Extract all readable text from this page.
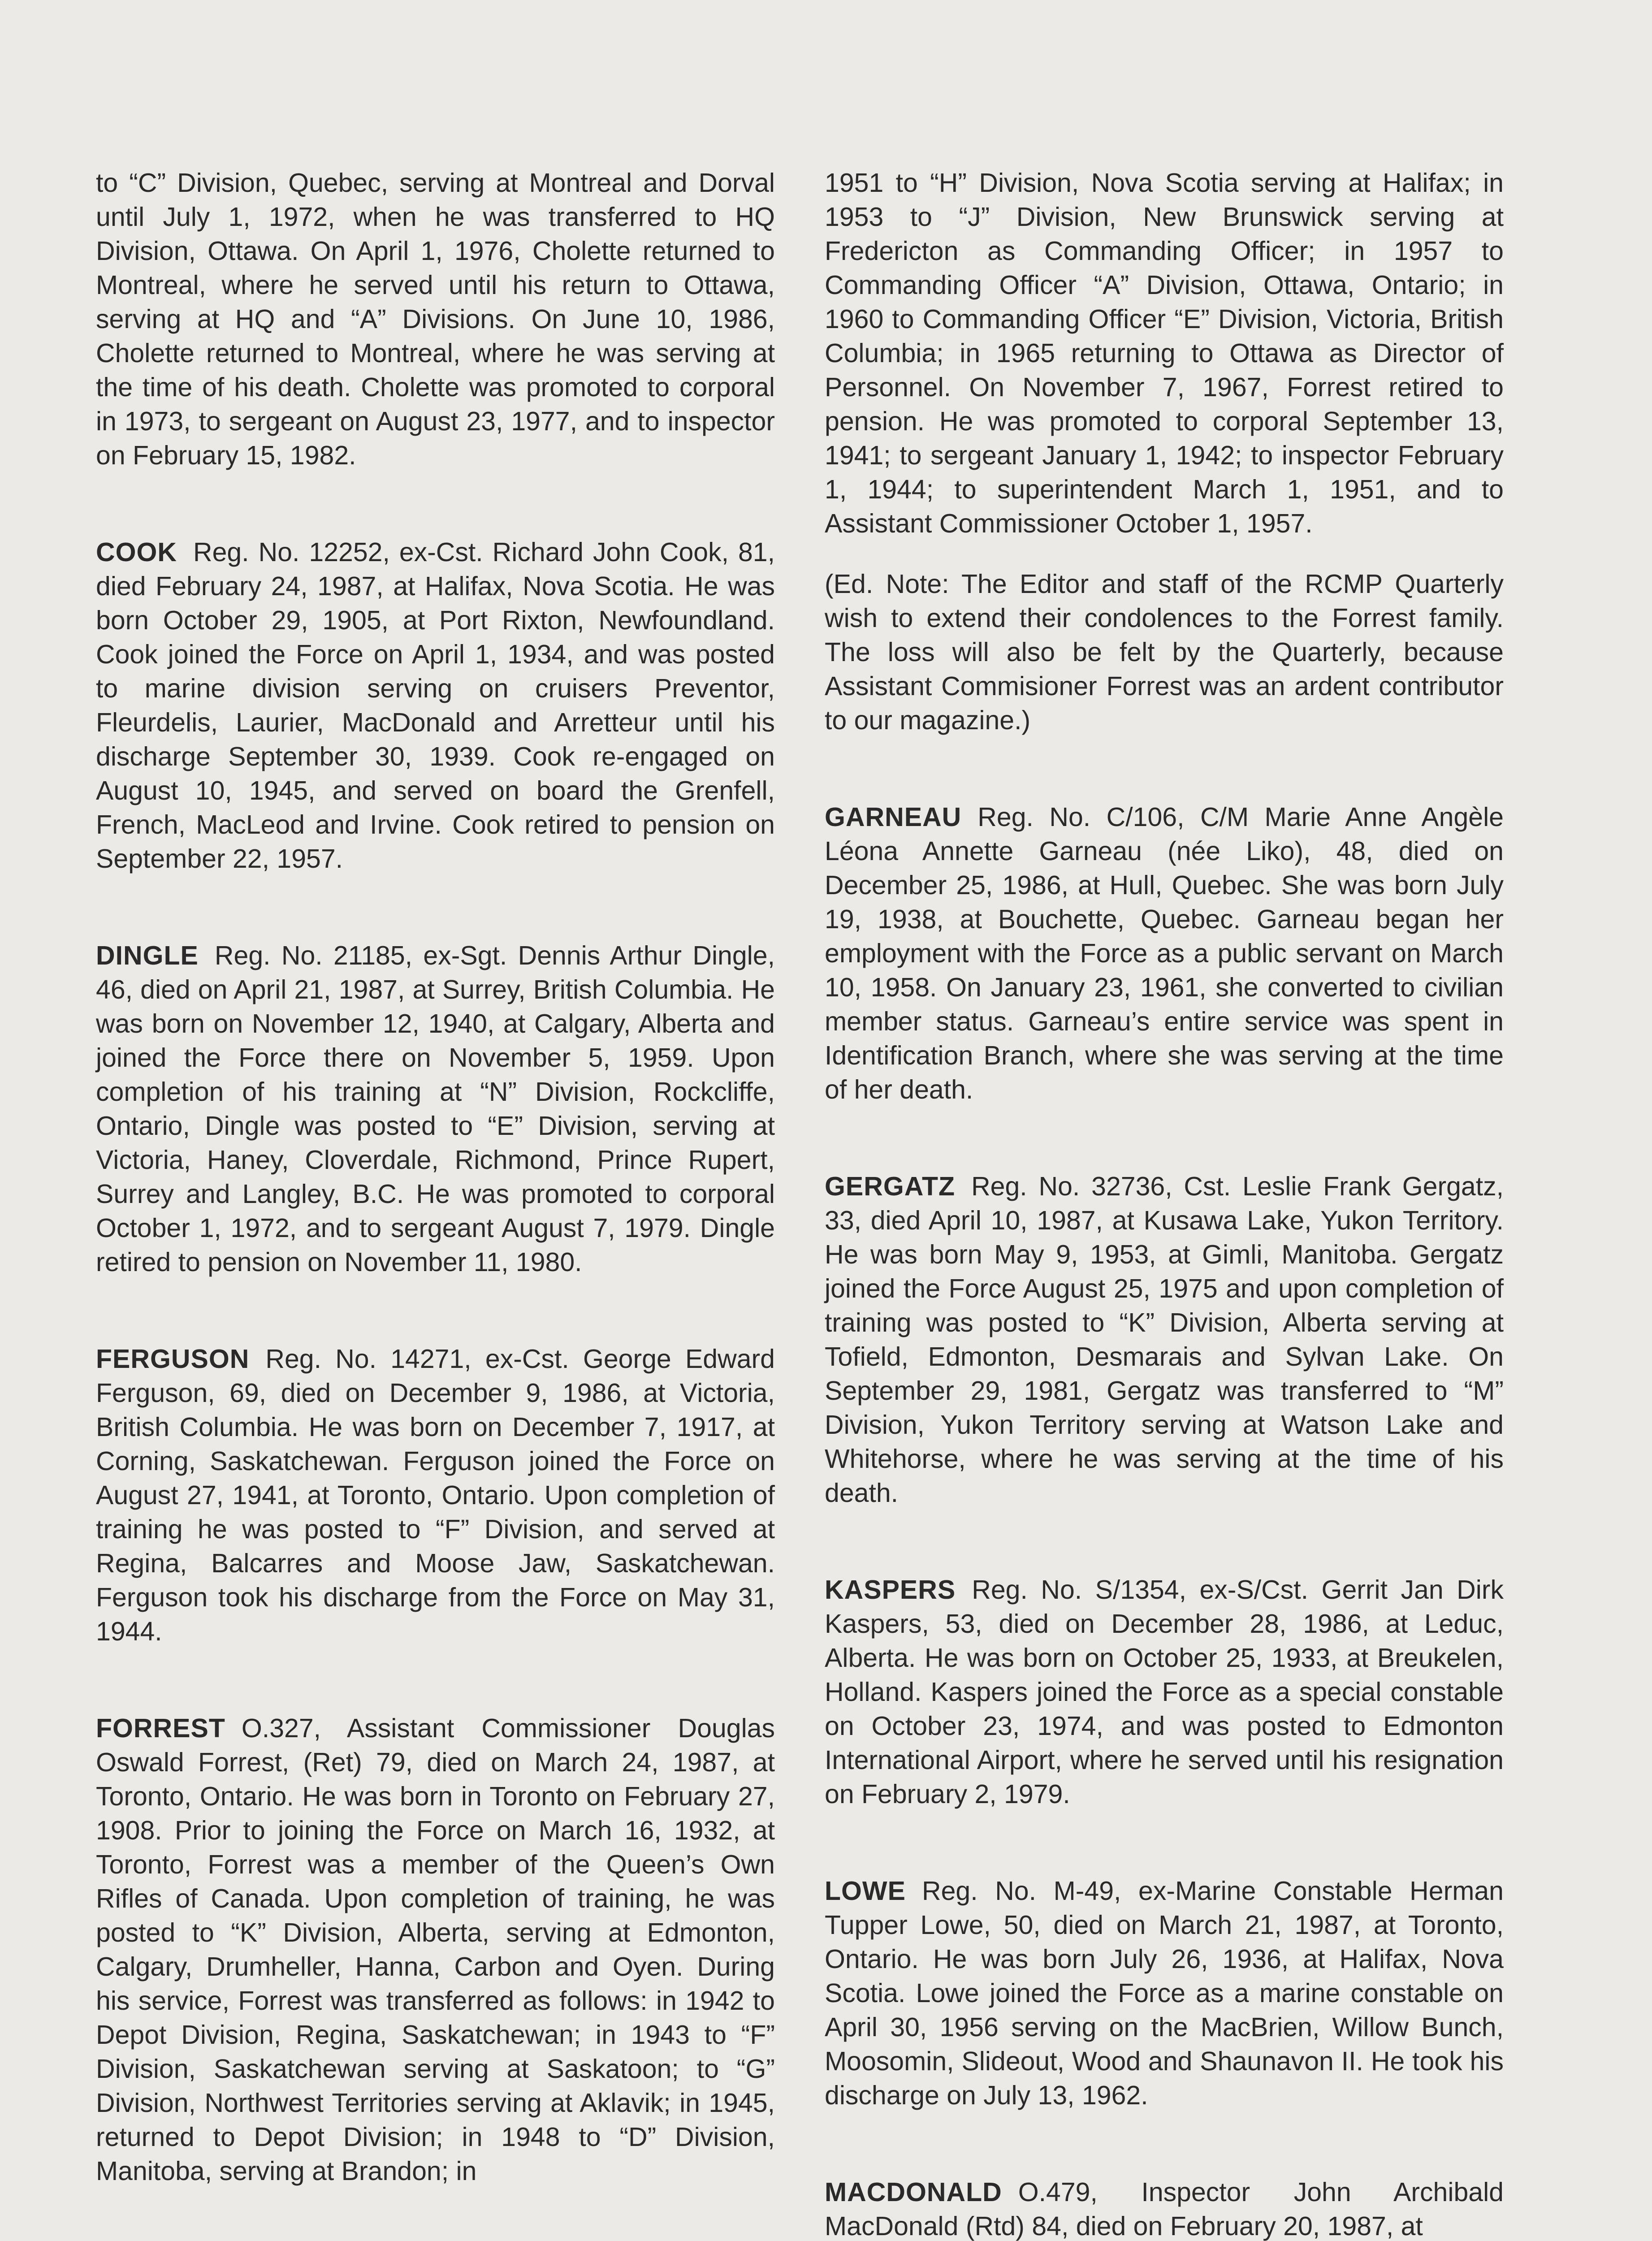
to “C” Division, Quebec, serving at Montreal and Dorval until July 1, 1972, when he was transferred to HQ Division, Ottawa. On April 1, 1976, Cholette returned to Montreal, where he served until his return to Ottawa, serving at HQ and “A” Divisions. On June 10, 1986, Cholette returned to Montreal, where he was serving at the time of his death. Cholette was promoted to corporal in 1973, to sergeant on August 23, 1977, and to inspector on February 15, 1982.

COOK Reg. No. 12252, ex-Cst. Richard John Cook, 81, died February 24, 1987, at Halifax, Nova Scotia. He was born October 29, 1905, at Port Rixton, Newfoundland. Cook joined the Force on April 1, 1934, and was posted to marine division serving on cruisers Preventor, Fleurdelis, Laurier, MacDonald and Arretteur until his discharge September 30, 1939. Cook re-engaged on August 10, 1945, and served on board the Grenfell, French, MacLeod and Irvine. Cook retired to pension on September 22, 1957.

DINGLE Reg. No. 21185, ex-Sgt. Dennis Arthur Dingle, 46, died on April 21, 1987, at Surrey, British Columbia. He was born on November 12, 1940, at Calgary, Alberta and joined the Force there on November 5, 1959. Upon completion of his training at “N” Division, Rockcliffe, Ontario, Dingle was posted to “E” Division, serving at Victoria, Haney, Cloverdale, Richmond, Prince Rupert, Surrey and Langley, B.C. He was promoted to corporal October 1, 1972, and to sergeant August 7, 1979. Dingle retired to pension on November 11, 1980.

FERGUSON Reg. No. 14271, ex-Cst. George Edward Ferguson, 69, died on December 9, 1986, at Victoria, British Columbia. He was born on December 7, 1917, at Corning, Saskatchewan. Ferguson joined the Force on August 27, 1941, at Toronto, Ontario. Upon completion of training he was posted to “F” Division, and served at Regina, Balcarres and Moose Jaw, Saskatchewan. Ferguson took his discharge from the Force on May 31, 1944.

FORREST O.327, Assistant Commissioner Douglas Oswald Forrest, (Ret) 79, died on March 24, 1987, at Toronto, Ontario. He was born in Toronto on February 27, 1908. Prior to joining the Force on March 16, 1932, at Toronto, Forrest was a member of the Queen’s Own Rifles of Canada. Upon completion of training, he was posted to “K” Division, Alberta, serving at Edmonton, Calgary, Drumheller, Hanna, Carbon and Oyen. During his service, Forrest was transferred as follows: in 1942 to Depot Division, Regina, Saskatchewan; in 1943 to “F” Division, Saskatchewan serving at Saskatoon; to “G” Division, Northwest Territories serving at Aklavik; in 1945, returned to Depot Division; in 1948 to “D” Division, Manitoba, serving at Brandon; in

1951 to “H” Division, Nova Scotia serving at Halifax; in 1953 to “J” Division, New Brunswick serving at Fredericton as Commanding Officer; in 1957 to Commanding Officer “A” Division, Ottawa, Ontario; in 1960 to Commanding Officer “E” Division, Victoria, British Columbia; in 1965 returning to Ottawa as Director of Personnel. On November 7, 1967, Forrest retired to pension. He was promoted to corporal September 13, 1941; to sergeant January 1, 1942; to inspector February 1, 1944; to superintendent March 1, 1951, and to Assistant Commissioner October 1, 1957.

(Ed. Note: The Editor and staff of the RCMP Quarterly wish to extend their condolences to the Forrest family. The loss will also be felt by the Quarterly, because Assistant Commisioner Forrest was an ardent contributor to our magazine.)

GARNEAU Reg. No. C/106, C/M Marie Anne Angèle Léona Annette Garneau (née Liko), 48, died on December 25, 1986, at Hull, Quebec. She was born July 19, 1938, at Bouchette, Quebec. Garneau began her employment with the Force as a public servant on March 10, 1958. On January 23, 1961, she converted to civilian member status. Garneau’s entire service was spent in Identification Branch, where she was serving at the time of her death.

GERGATZ Reg. No. 32736, Cst. Leslie Frank Gergatz, 33, died April 10, 1987, at Kusawa Lake, Yukon Territory. He was born May 9, 1953, at Gimli, Manitoba. Gergatz joined the Force August 25, 1975 and upon completion of training was posted to “K” Division, Alberta serving at Tofield, Edmonton, Desmarais and Sylvan Lake. On September 29, 1981, Gergatz was transferred to “M” Division, Yukon Territory serving at Watson Lake and Whitehorse, where he was serving at the time of his death.

KASPERS Reg. No. S/1354, ex-S/Cst. Gerrit Jan Dirk Kaspers, 53, died on December 28, 1986, at Leduc, Alberta. He was born on October 25, 1933, at Breukelen, Holland. Kaspers joined the Force as a special constable on October 23, 1974, and was posted to Edmonton International Airport, where he served until his resignation on February 2, 1979.

LOWE Reg. No. M-49, ex-Marine Constable Herman Tupper Lowe, 50, died on March 21, 1987, at Toronto, Ontario. He was born July 26, 1936, at Halifax, Nova Scotia. Lowe joined the Force as a marine constable on April 30, 1956 serving on the MacBrien, Willow Bunch, Moosomin, Slideout, Wood and Shaunavon II. He took his discharge on July 13, 1962.

MACDONALD O.479, Inspector John Archibald MacDonald (Rtd) 84, died on February 20, 1987, at
